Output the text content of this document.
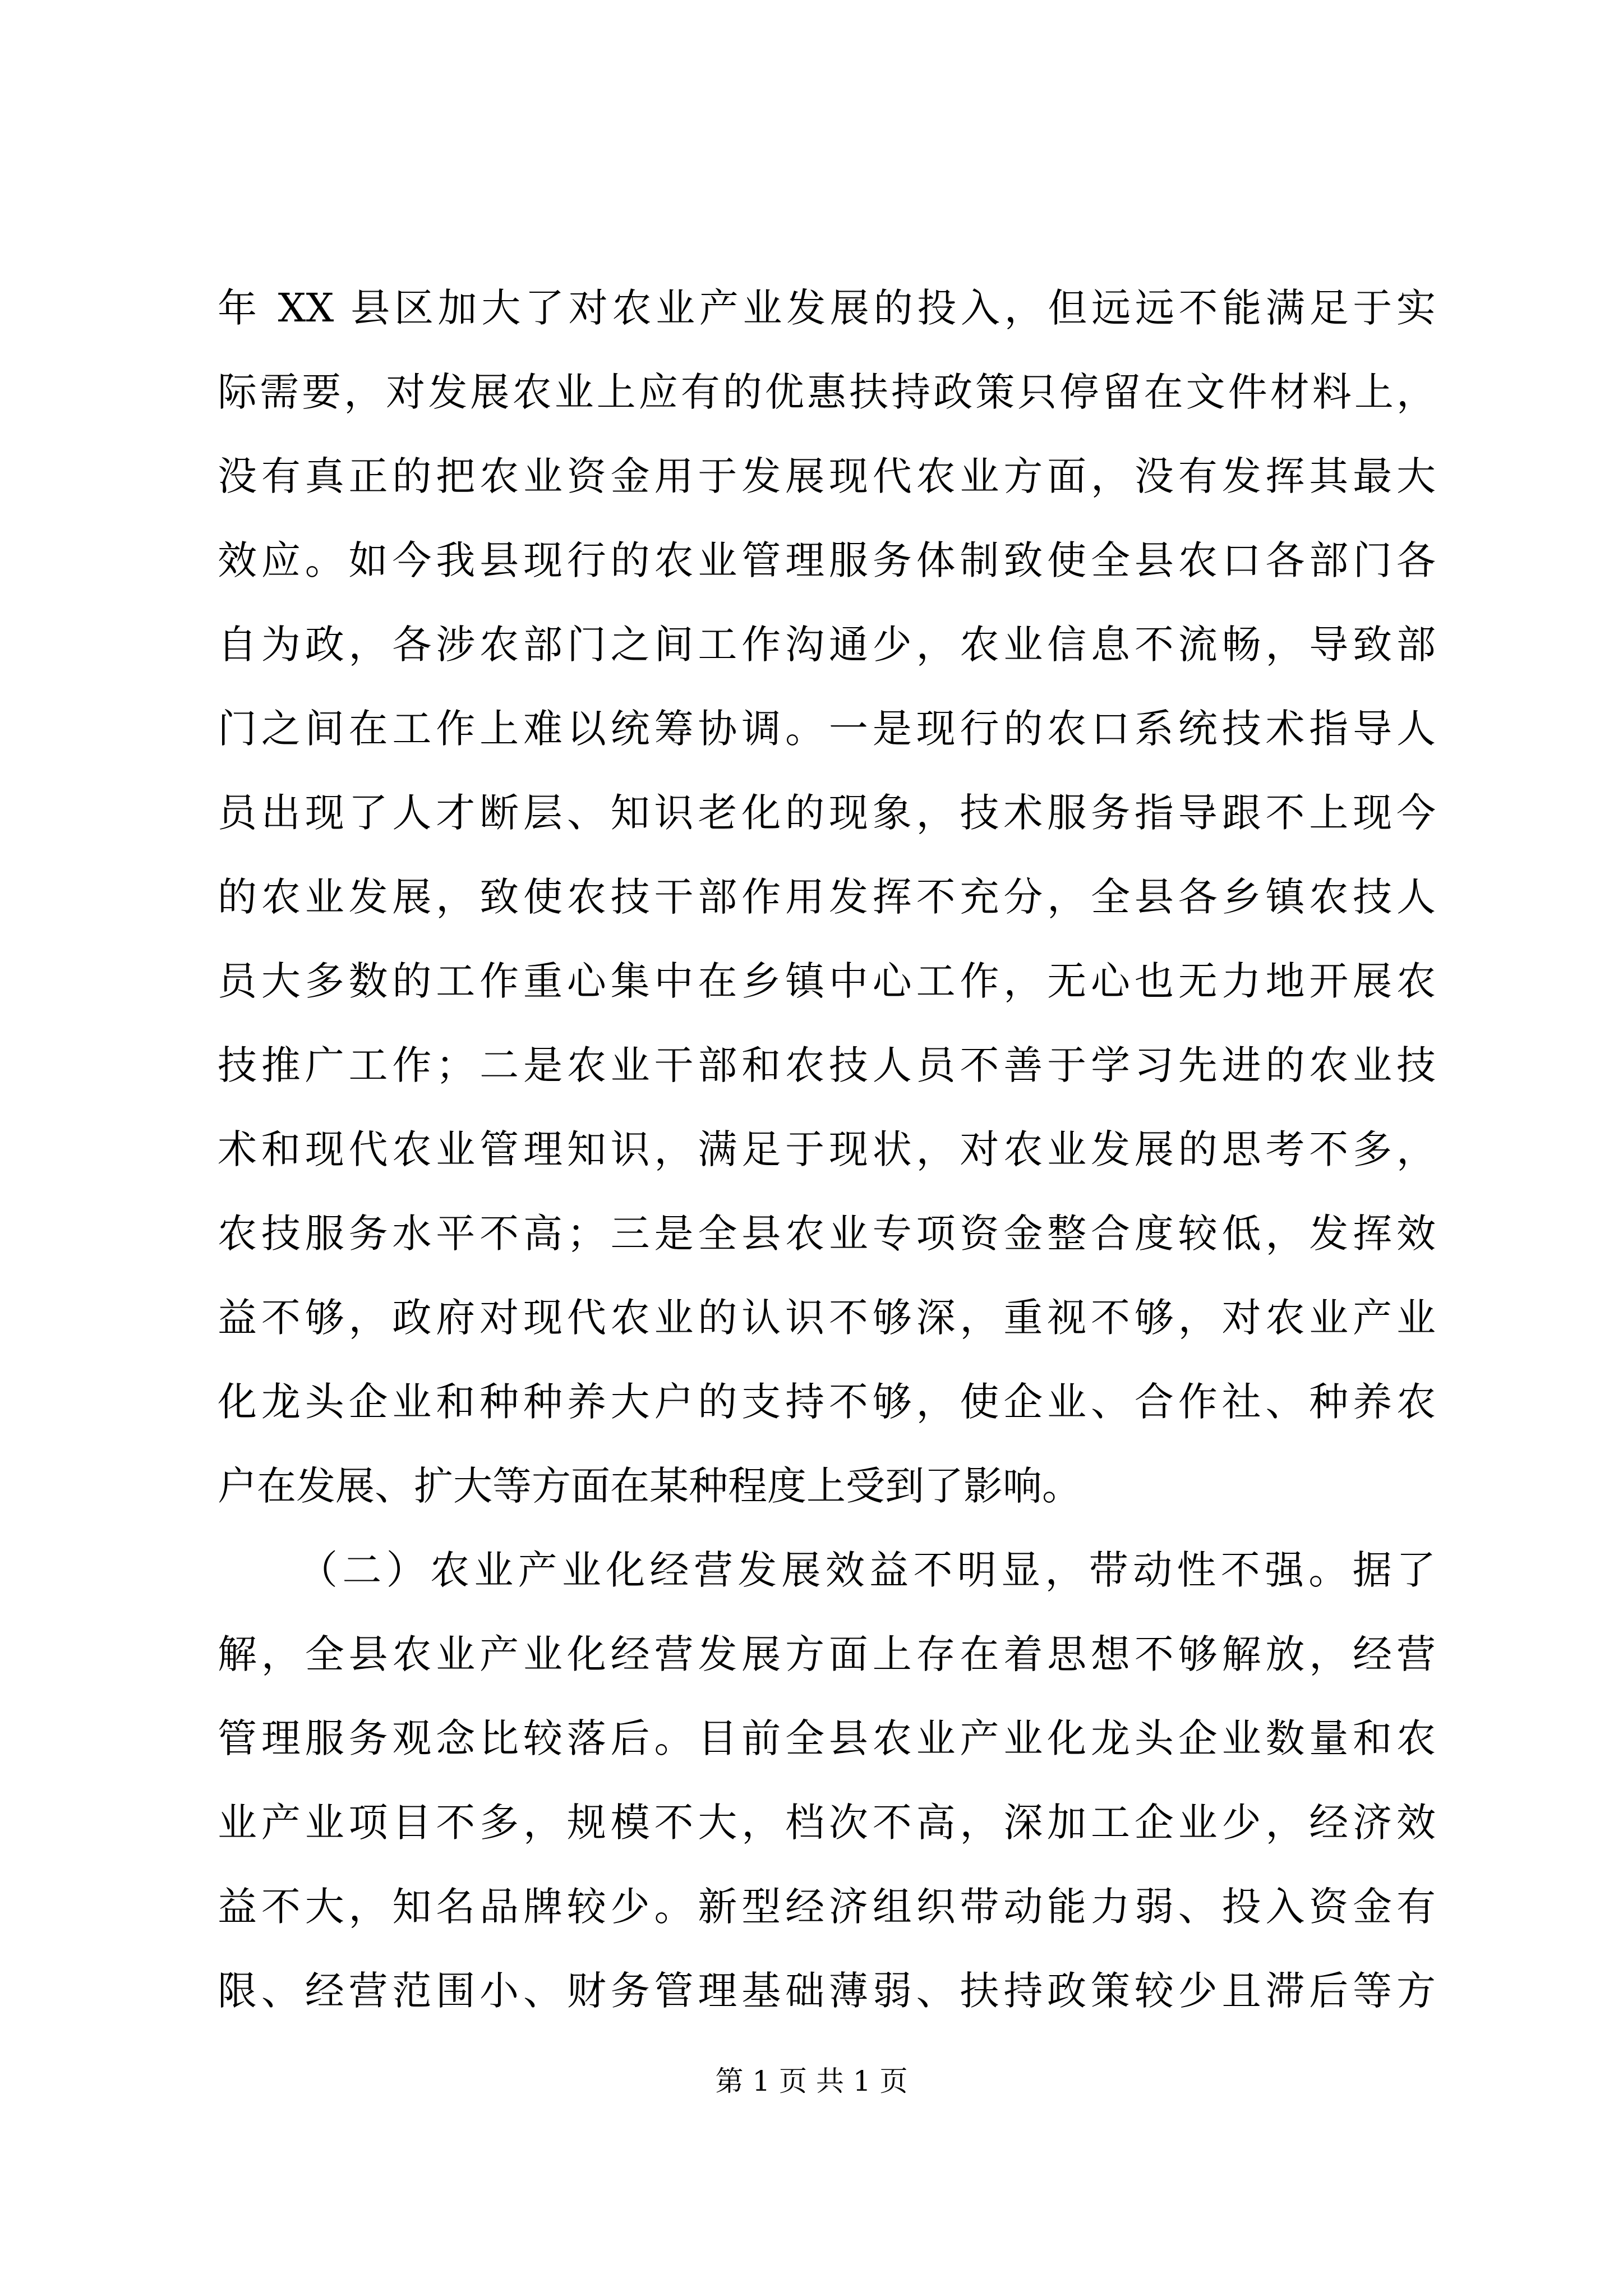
年 XX 县区加大了对农业产业发展的投入，但远远不能满足于实
际需要，对发展农业上应有的优惠扶持政策只停留在文件材料上，
没有真正的把农业资金用于发展现代农业方面，没有发挥其最大
效应。如今我县现行的农业管理服务体制致使全县农口各部门各
自为政，各涉农部门之间工作沟通少，农业信息不流畅，导致部
门之间在工作上难以统筹协调。一是现行的农口系统技术指导人
员出现了人才断层、知识老化的现象，技术服务指导跟不上现今
的农业发展，致使农技干部作用发挥不充分，全县各乡镇农技人
员大多数的工作重心集中在乡镇中心工作，无心也无力地开展农
技推广工作；二是农业干部和农技人员不善于学习先进的农业技
术和现代农业管理知识，满足于现状，对农业发展的思考不多，
农技服务水平不高；三是全县农业专项资金整合度较低，发挥效
益不够，政府对现代农业的认识不够深，重视不够，对农业产业
化龙头企业和种种养大户的支持不够，使企业、合作社、种养农
户在发展、扩大等方面在某种程度上受到了影响。
（二）农业产业化经营发展效益不明显，带动性不强。据了
解，全县农业产业化经营发展方面上存在着思想不够解放，经营
管理服务观念比较落后。目前全县农业产业化龙头企业数量和农
业产业项目不多，规模不大，档次不高，深加工企业少，经济效
益不大，知名品牌较少。新型经济组织带动能力弱、投入资金有
限、经营范围小、财务管理基础薄弱、扶持政策较少且滞后等方
第 1 页 共 1 页
